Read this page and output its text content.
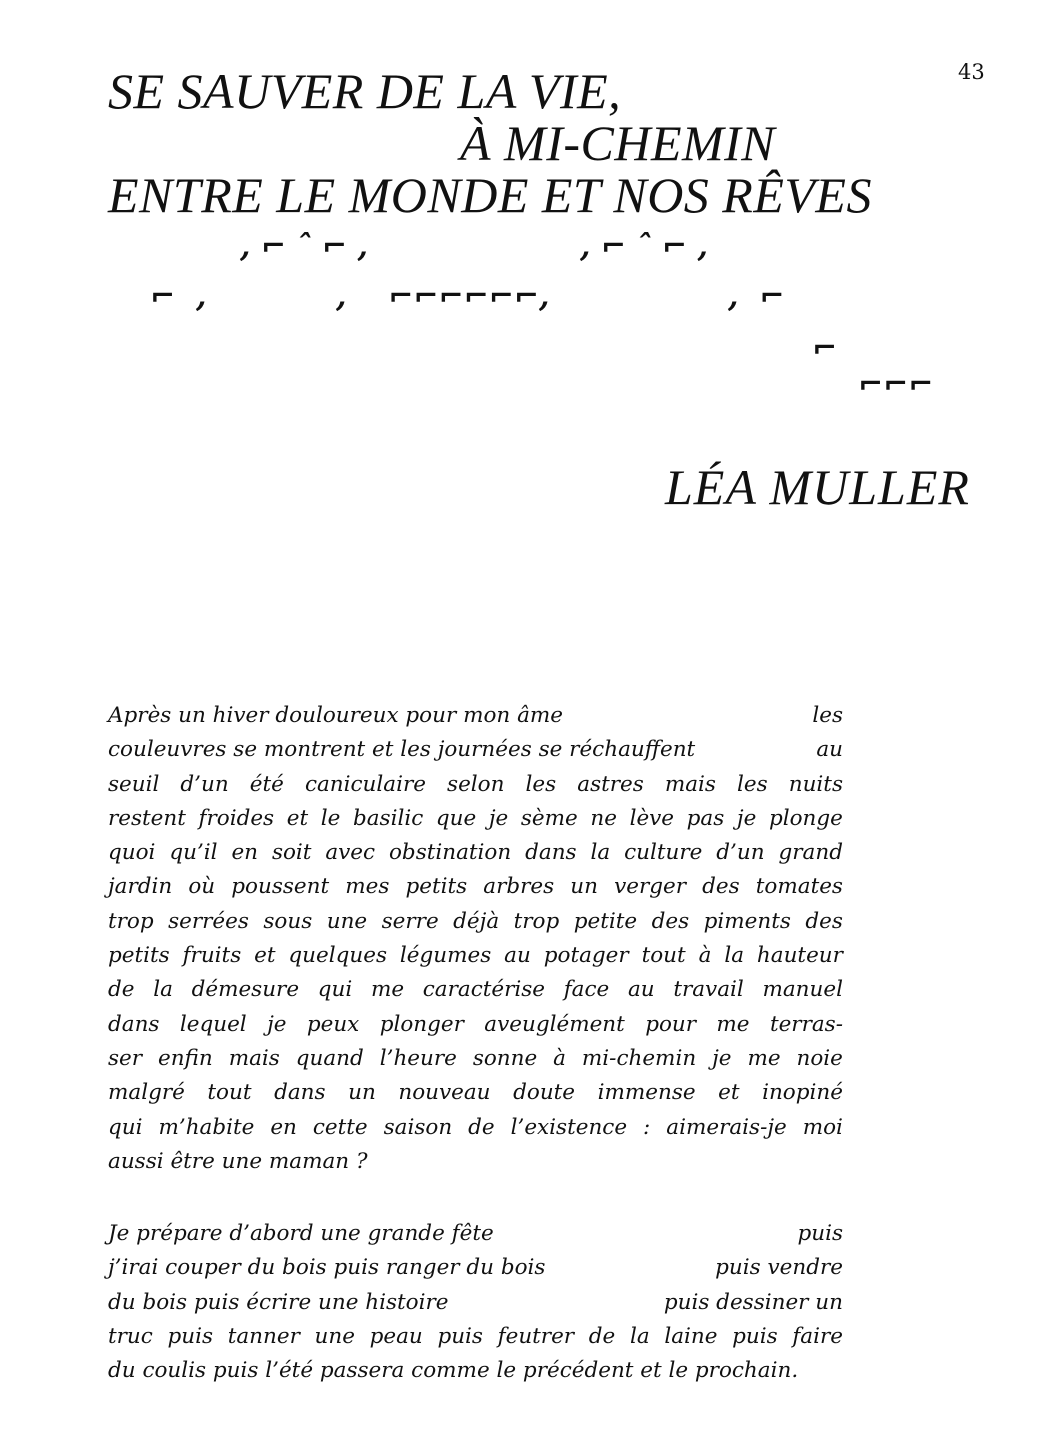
43
SE SAUVER DE LA VIE,
À MI-CHEMIN
ENTRE LE MONDE ET NOS RÊVES
, ⌐ ˆ ⌐ ,	, ⌐ ˆ ⌐ ,
⌐  ,	,    ⌐⌐⌐⌐⌐⌐,	,  ⌐
⌐
⌐⌐⌐
LÉA MULLER
Après un hiver douloureux pour mon âme	les
couleuvres se montrent et les journées se réchauffent	au
seuil d’un été caniculaire selon les astres mais les nuits
restent froides et le basilic que je sème ne lève pas je plonge
quoi qu’il en soit avec obstination dans la culture d’un grand
jardin où poussent mes petits arbres un verger des tomates
trop serrées sous une serre déjà trop petite des piments des
petits fruits et quelques légumes au potager tout à la hauteur
de la démesure qui me caractérise face au travail manuel
dans lequel je peux plonger aveuglément pour me terras-
ser enfin mais quand l’heure sonne à mi-chemin je me noie
malgré tout dans un nouveau doute immense et inopiné
qui m’habite en cette saison de l’existence : aimerais-je moi
aussi être une maman ?
Je prépare d’abord une grande fête	puis
j’irai couper du bois puis ranger du bois	puis vendre
du bois puis écrire une histoire	puis dessiner un
truc puis tanner une peau puis feutrer de la laine puis faire
du coulis puis l’été passera comme le précédent et le prochain.
